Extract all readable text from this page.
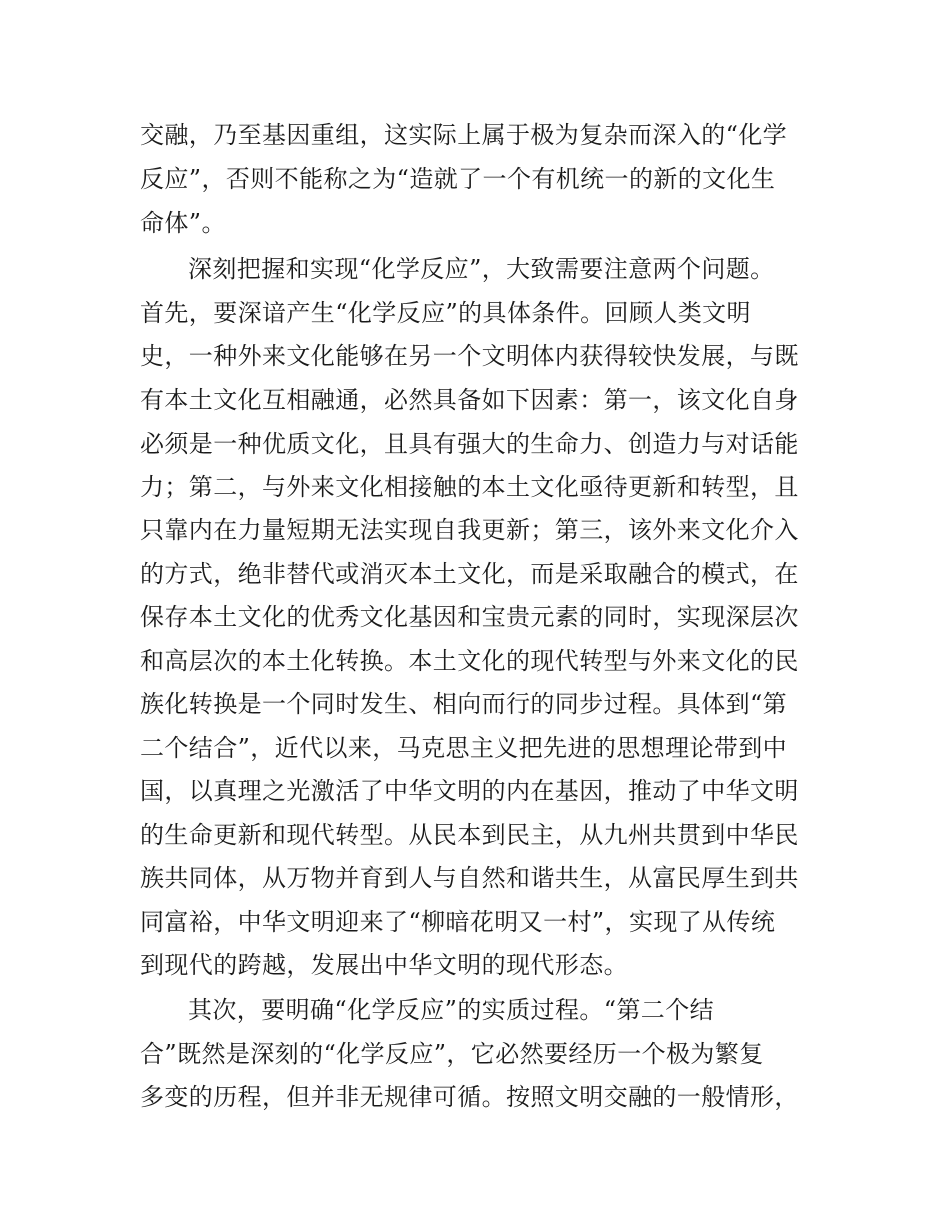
交融，乃至基因重组，这实际上属于极为复杂而深入的“化学
反应”，否则不能称之为“造就了一个有机统一的新的文化生
命体”。
深刻把握和实现“化学反应”，大致需要注意两个问题。
首先，要深谙产生“化学反应”的具体条件。回顾人类文明
史，一种外来文化能够在另一个文明体内获得较快发展，与既
有本土文化互相融通，必然具备如下因素：第一，该文化自身
必须是一种优质文化，且具有强大的生命力、创造力与对话能
力；第二，与外来文化相接触的本土文化亟待更新和转型，且
只靠内在力量短期无法实现自我更新；第三，该外来文化介入
的方式，绝非替代或消灭本土文化，而是采取融合的模式，在
保存本土文化的优秀文化基因和宝贵元素的同时，实现深层次
和高层次的本土化转换。本土文化的现代转型与外来文化的民
族化转换是一个同时发生、相向而行的同步过程。具体到“第
二个结合”，近代以来，马克思主义把先进的思想理论带到中
国，以真理之光激活了中华文明的内在基因，推动了中华文明
的生命更新和现代转型。从民本到民主，从九州共贯到中华民
族共同体，从万物并育到人与自然和谐共生，从富民厚生到共
同富裕，中华文明迎来了“柳暗花明又一村”，实现了从传统
到现代的跨越，发展出中华文明的现代形态。
其次，要明确“化学反应”的实质过程。“第二个结
合”既然是深刻的“化学反应”，它必然要经历一个极为繁复
多变的历程，但并非无规律可循。按照文明交融的一般情形，
